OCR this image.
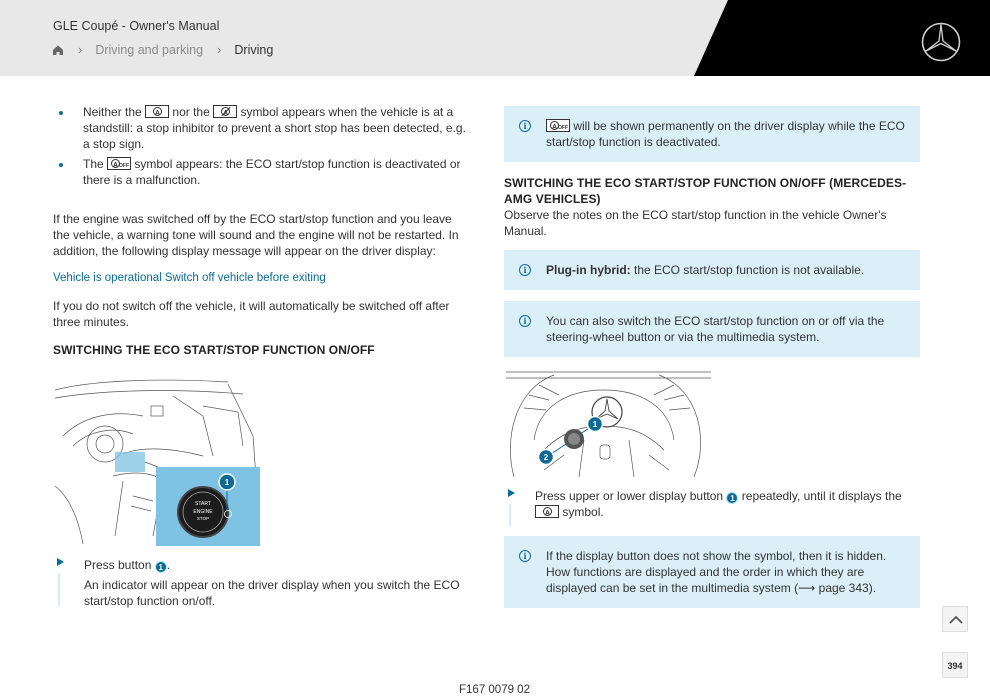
GLE Coupé - Owner's Manual
› Driving and parking › Driving
Neither the A	nor the A	symbol appears when the vehicle is at a standstill: a stop inhibitor to prevent a short stop has been detected, e.g. a stop sign.
The A	OFF symbol appears: the ECO start/stop function is deactivated or there is a malfunction.

If the engine was switched off by the ECO start/stop function and you leave the vehicle, a warning tone will sound and the engine will not be restarted. In addition, the following display message will appear on the driver display:

Vehicle is operational Switch off vehicle before exiting

If you do not switch off the vehicle, it will automatically be switched off after three minutes.

SWITCHING THE ECO START/STOP FUNCTION ON/OFF
START
ENGINE
STOP
1
Press button 1 .
An indicator will appear on the driver display when you switch the ECO start/stop function on/off.
i A	OFF will be shown permanently on the driver display while the ECO start/stop function is deactivated.
SWITCHING THE ECO START/STOP FUNCTION ON/OFF (MERCEDES-AMG VEHICLES)

Observe the notes on the ECO start/stop function in the vehicle Owner's Manual.

i	Plug-in hybrid: the ECO start/stop function is not available.
i	You can also switch the ECO start/stop function on or off via the steering-wheel button or via the multimedia system.
1
2
Press upper or lower display button 1 repeatedly, until it displays the

A
symbol.
i	If the display button does not show the symbol, then it is hidden. How functions are displayed and the order in which they are displayed can be set in the multimedia system (⟶ page 343).
394
F167 0079 02
